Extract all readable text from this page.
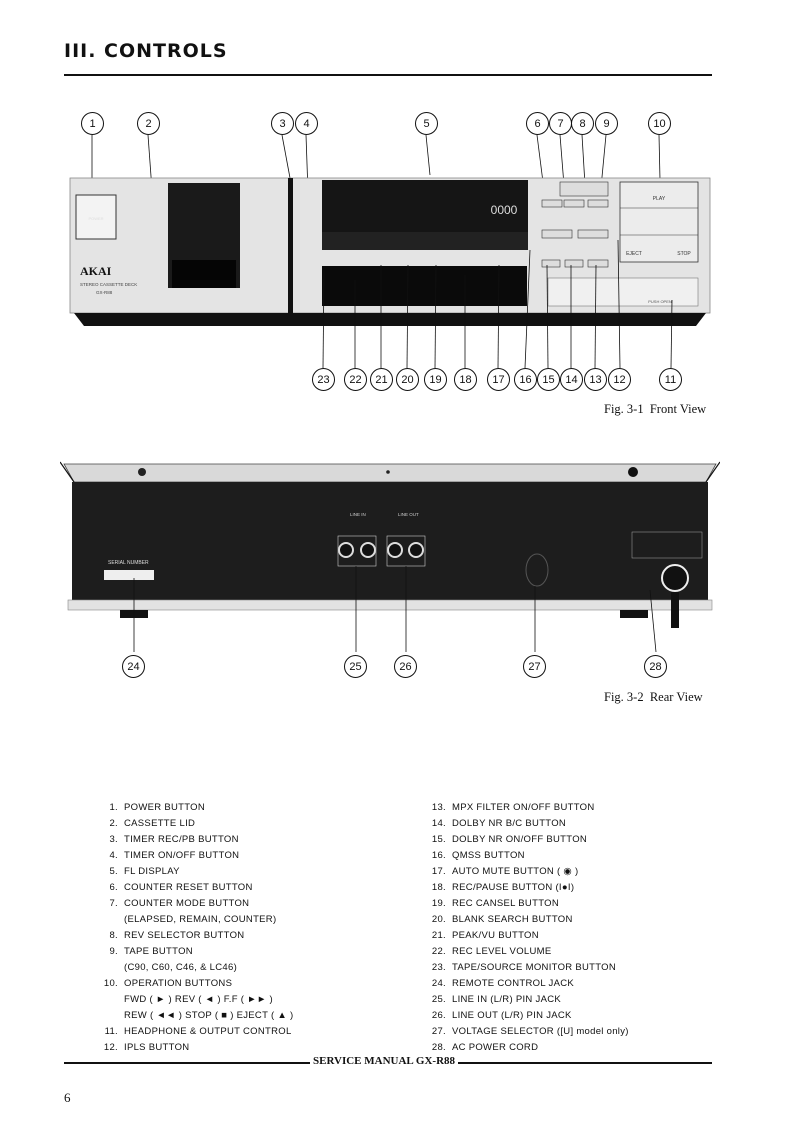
III. CONTROLS
POWER
0000
PLAY
EJECT	STOP
PUSH OPEN
AKAI
STEREO CASSETTE DECK
GX-R88
1	2	3	4	5	6	7	8	9	10
23	22	21	20	19	18	17	16 15 14	13	12	11
Fig. 3-1  Front View
SERIAL NUMBER
LINE IN	LINE OUT
24	25	26	27	28
Fig. 3-2  Rear View
1. POWER BUTTON
2. CASSETTE LID
3. TIMER REC/PB BUTTON
4. TIMER ON/OFF BUTTON
5. FL DISPLAY
6. COUNTER RESET BUTTON
7. COUNTER MODE BUTTON
(ELAPSED, REMAIN, COUNTER)
8. REV SELECTOR BUTTON
9. TAPE BUTTON
(C90, C60, C46, & LC46)
10. OPERATION BUTTONS
FWD ( ► ) REV ( ◄ ) F.F ( ►► )
REW ( ◄◄ ) STOP ( ■ ) EJECT ( ▲ )
11. HEADPHONE & OUTPUT CONTROL
12. IPLS BUTTON
13. MPX FILTER ON/OFF BUTTON
14. DOLBY NR B/C BUTTON
15. DOLBY NR ON/OFF BUTTON
16. QMSS BUTTON
17. AUTO MUTE BUTTON ( ◉ )
18. REC/PAUSE BUTTON (I●I)
19. REC CANSEL BUTTON
20. BLANK SEARCH BUTTON
21. PEAK/VU BUTTON
22. REC LEVEL VOLUME
23. TAPE/SOURCE MONITOR BUTTON
24. REMOTE CONTROL JACK
25. LINE IN (L/R) PIN JACK
26. LINE OUT (L/R) PIN JACK
27. VOLTAGE SELECTOR ([U] model only)
28. AC POWER CORD
SERVICE MANUAL GX-R88
6
